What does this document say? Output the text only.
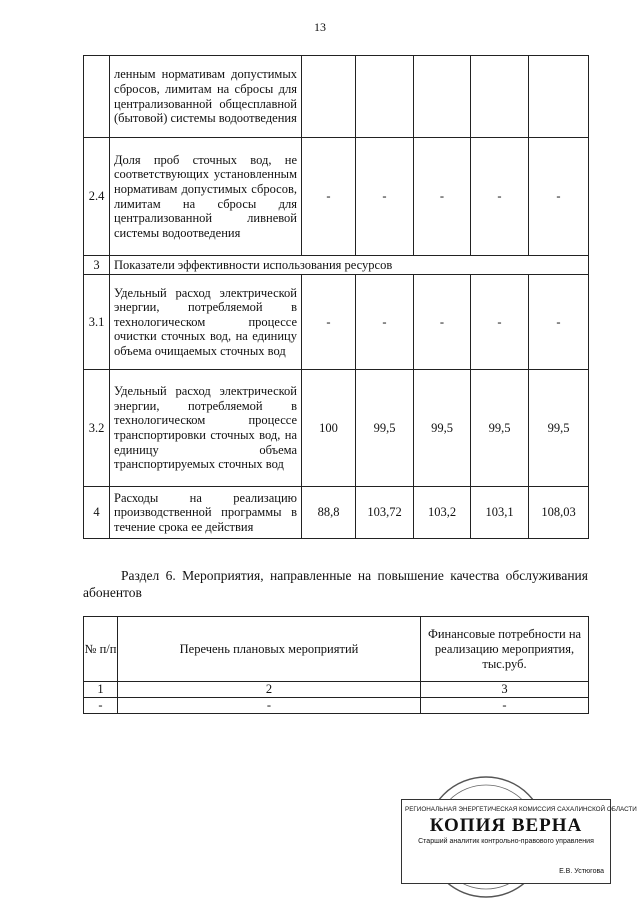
13
	ленным нормативам допустимых сбросов, лимитам на сбросы для централизованной общесплавной (бытовой) системы водоотведения					
2.4	Доля проб сточных вод, не соответствующих установленным нормативам допустимых сбросов, лимитам на сбросы для централизованной ливневой системы водоотведения	-	-	-	-	-
3	Показатели эффективности использования ресурсов					
3.1	Удельный расход электрической энергии, потребляемой в технологическом процессе очистки сточных вод, на единицу объема очищаемых сточных вод	-	-	-	-	-
3.2	Удельный расход электрической энергии, потребляемой в технологическом процессе транспортировки сточных вод, на единицу объема транспортируемых сточных вод	100	99,5	99,5	99,5	99,5
4	Расходы на реализацию производственной программы в течение срока ее действия	88,8	103,72	103,2	103,1	108,03
Раздел 6. Мероприятия, направленные на повышение качества обслуживания абонентов
№ п/п	Перечень плановых мероприятий	Финансовые потребности на реализацию мероприятия, тыс.руб.
1	2	3
-	-	-
РЕГИОНАЛЬНАЯ ЭНЕРГЕТИЧЕСКАЯ КОМИССИЯ САХАЛИНСКОЙ ОБЛАСТИ
КОПИЯ ВЕРНА
Старший аналитик контрольно-правового управления
Е.В. Устюгова
